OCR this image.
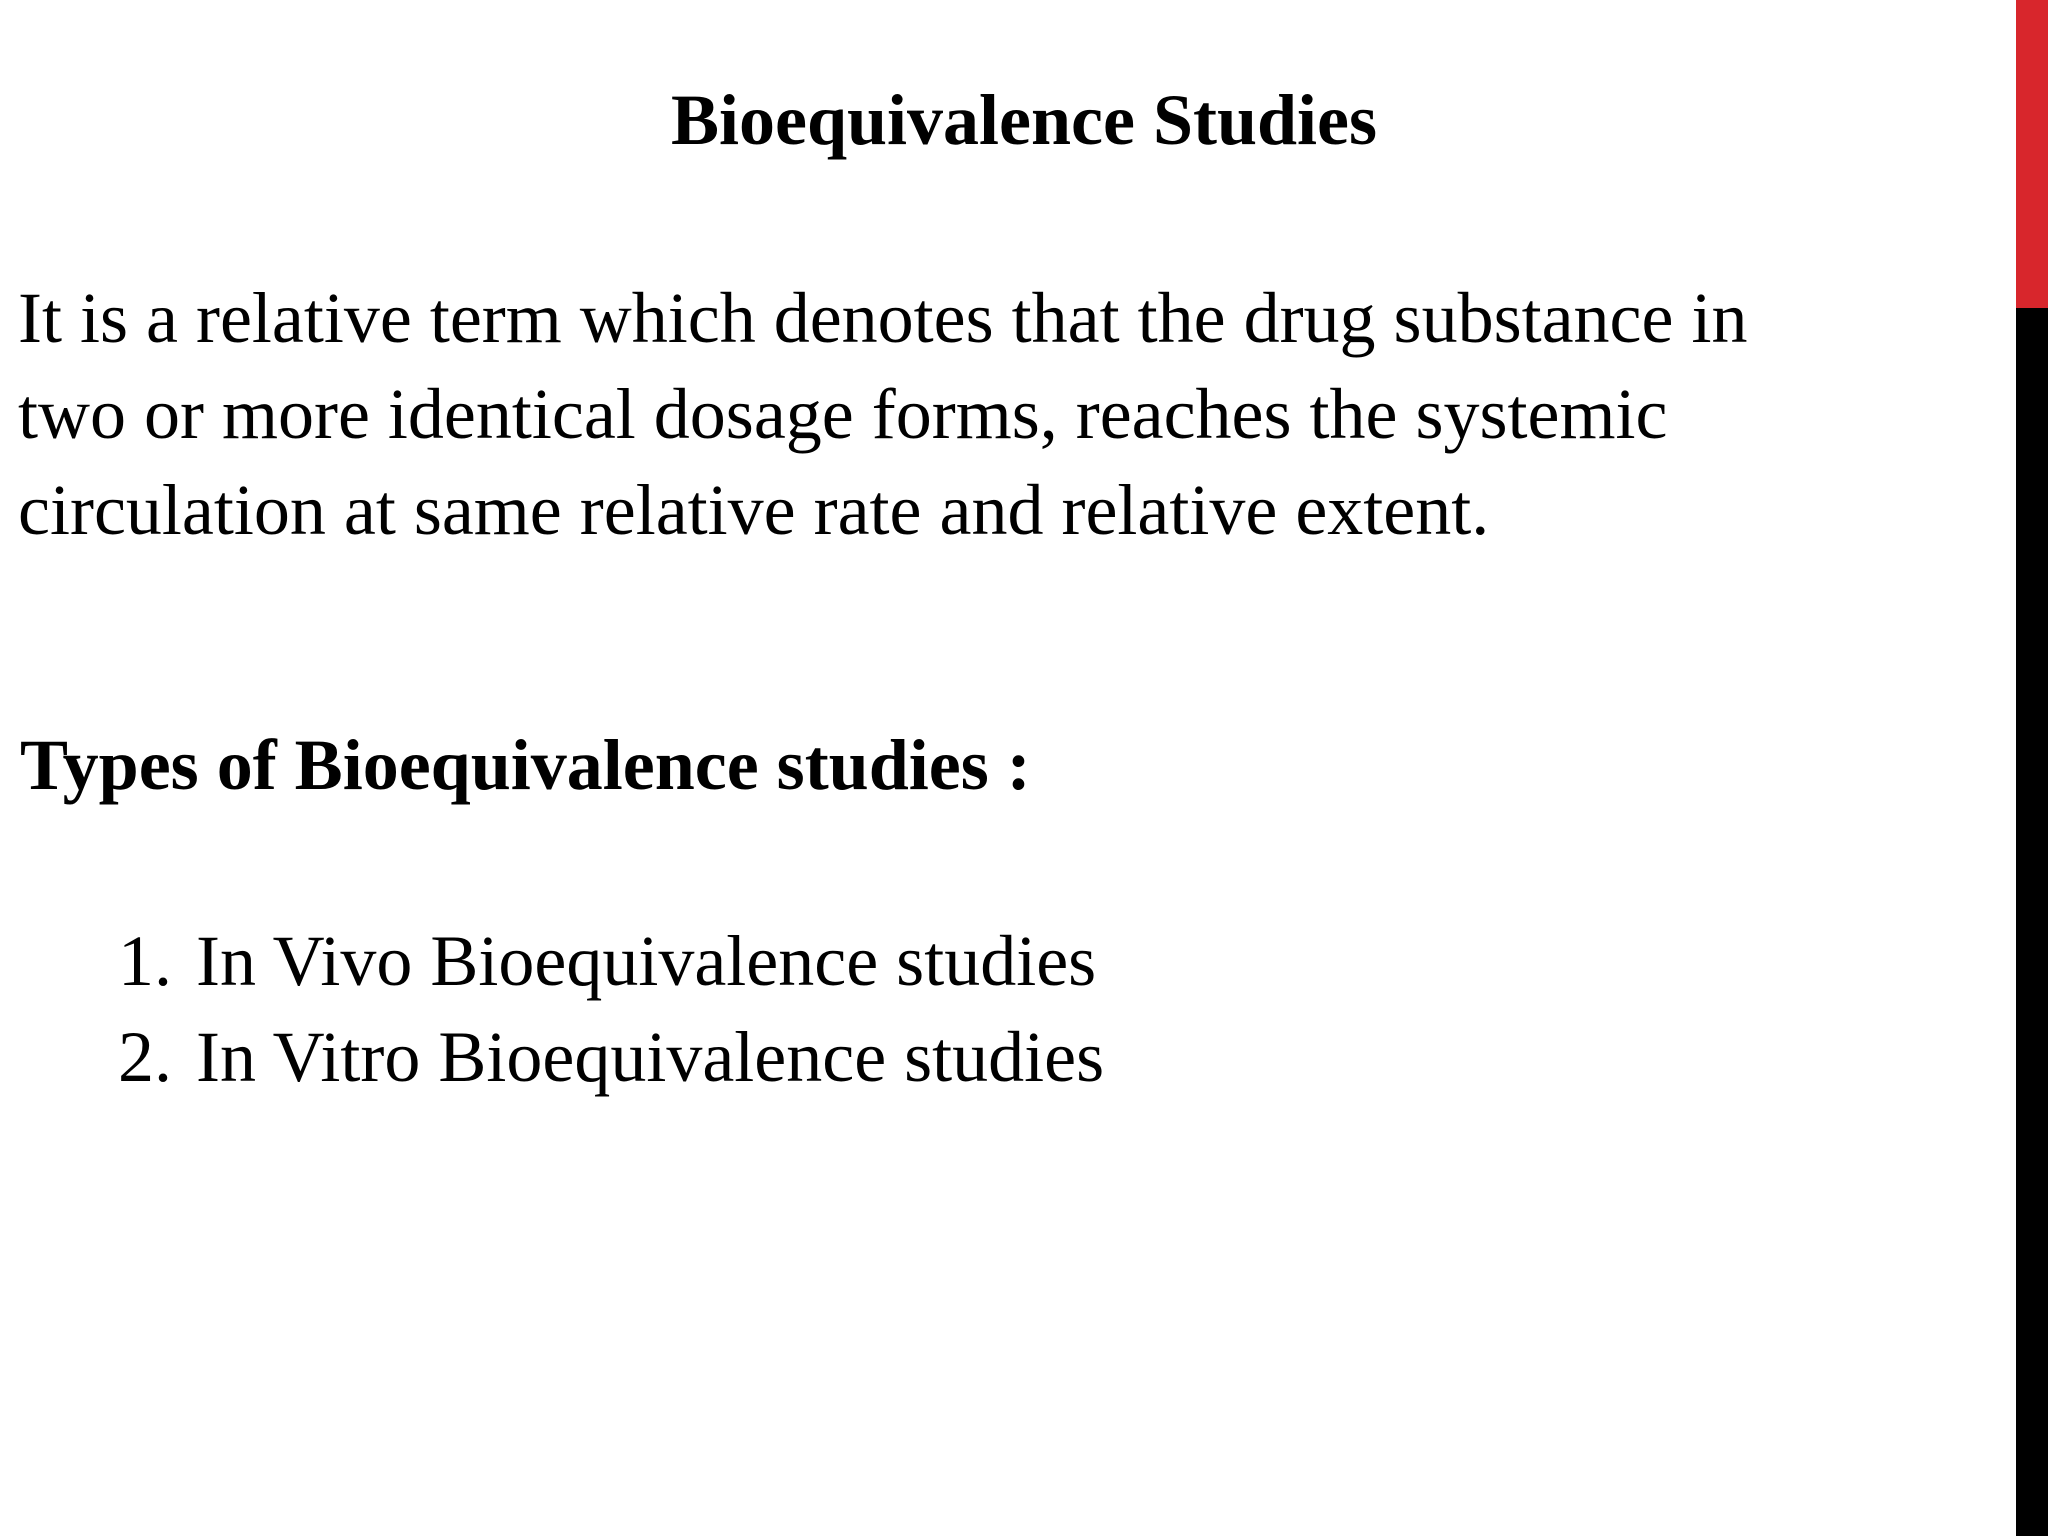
Bioequivalence Studies

It is a relative term which denotes that the drug substance in
two or more identical dosage forms, reaches the systemic
circulation at same relative rate and relative extent.

Types of Bioequivalence studies :
1. In Vivo Bioequivalence studies
2. In Vitro Bioequivalence studies
